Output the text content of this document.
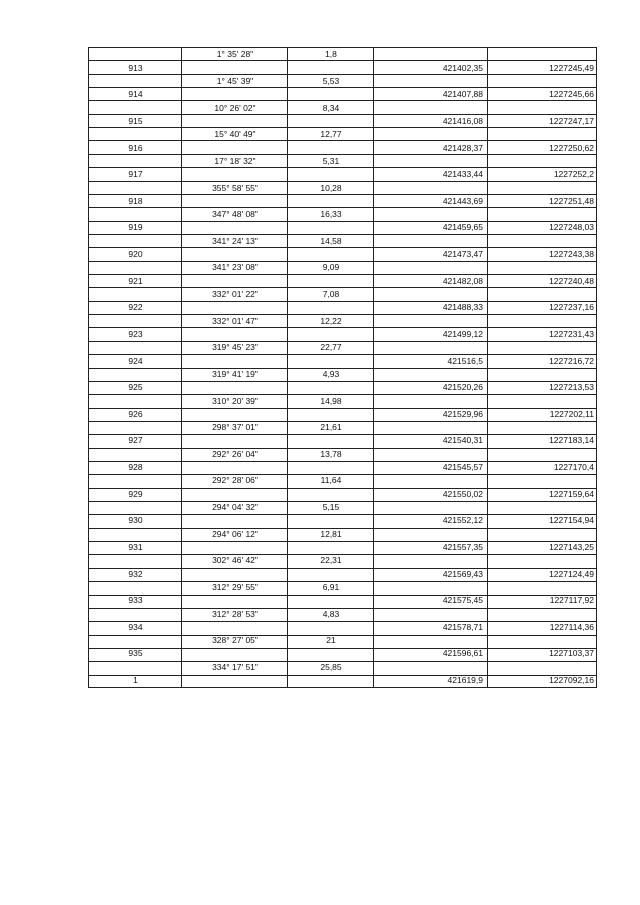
1° 35' 28"	1,8
913	421402,35	1227245,49
1° 45' 39"	5,53
914	421407,88	1227245,66
10° 26' 02"	8,34
915	421416,08	1227247,17
15° 40' 49"	12,77
916	421428,37	1227250,62
17° 18' 32"	5,31
917	421433,44	1227252,2
355° 58' 55"	10,28
918	421443,69	1227251,48
347° 48' 08"	16,33
919	421459,65	1227248,03
341° 24' 13"	14,58
920	421473,47	1227243,38
341° 23' 08"	9,09
921	421482,08	1227240,48
332° 01' 22"	7,08
922	421488,33	1227237,16
332° 01' 47"	12,22
923	421499,12	1227231,43
319° 45' 23"	22,77
924	421516,5	1227216,72
319° 41' 19"	4,93
925	421520,26	1227213,53
310° 20' 39"	14,98
926	421529,96	1227202,11
298° 37' 01"	21,61
927	421540,31	1227183,14
292° 26' 04"	13,78
928	421545,57	1227170,4
292° 28' 06"	11,64
929	421550,02	1227159,64
294° 04' 32"	5,15
930	421552,12	1227154,94
294° 06' 12"	12,81
931	421557,35	1227143,25
302° 46' 42"	22,31
932	421569,43	1227124,49
312° 29' 55"	6,91
933	421575,45	1227117,92
312° 28' 53"	4,83
934	421578,71	1227114,36
328° 27' 05"	21
935	421596,61	1227103,37
334° 17' 51"	25,85
1	421619,9	1227092,16
